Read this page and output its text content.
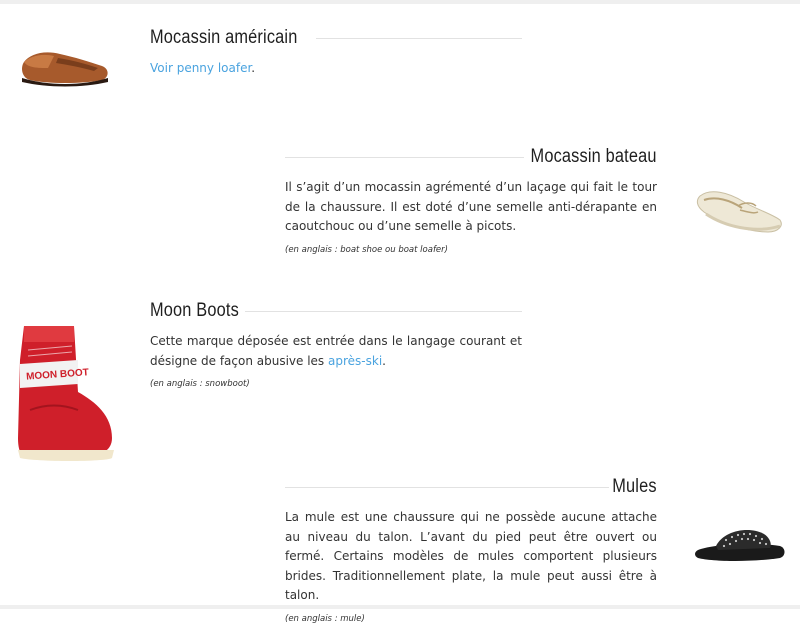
Mocassin américain

Voir penny loafer.

Mocassin bateau

Il s’agit d’un mocassin agrémenté d’un laçage qui fait le tour de la chaussure. Il est doté d’une semelle anti-dérapante en caoutchouc ou d’une semelle à picots.

(en anglais : boat shoe ou boat loafer)
MOON BOOT
Moon Boots

Cette marque déposée est entrée dans le langage courant et désigne de façon abusive les après-ski.

(en anglais : snowboot)
Mules

La mule est une chaussure qui ne possède aucune attache au niveau du talon. L’avant du pied peut être ouvert ou fermé. Certains modèles de mules comportent plusieurs brides. Traditionnellement plate, la mule peut aussi être à talon.

(en anglais : mule)
